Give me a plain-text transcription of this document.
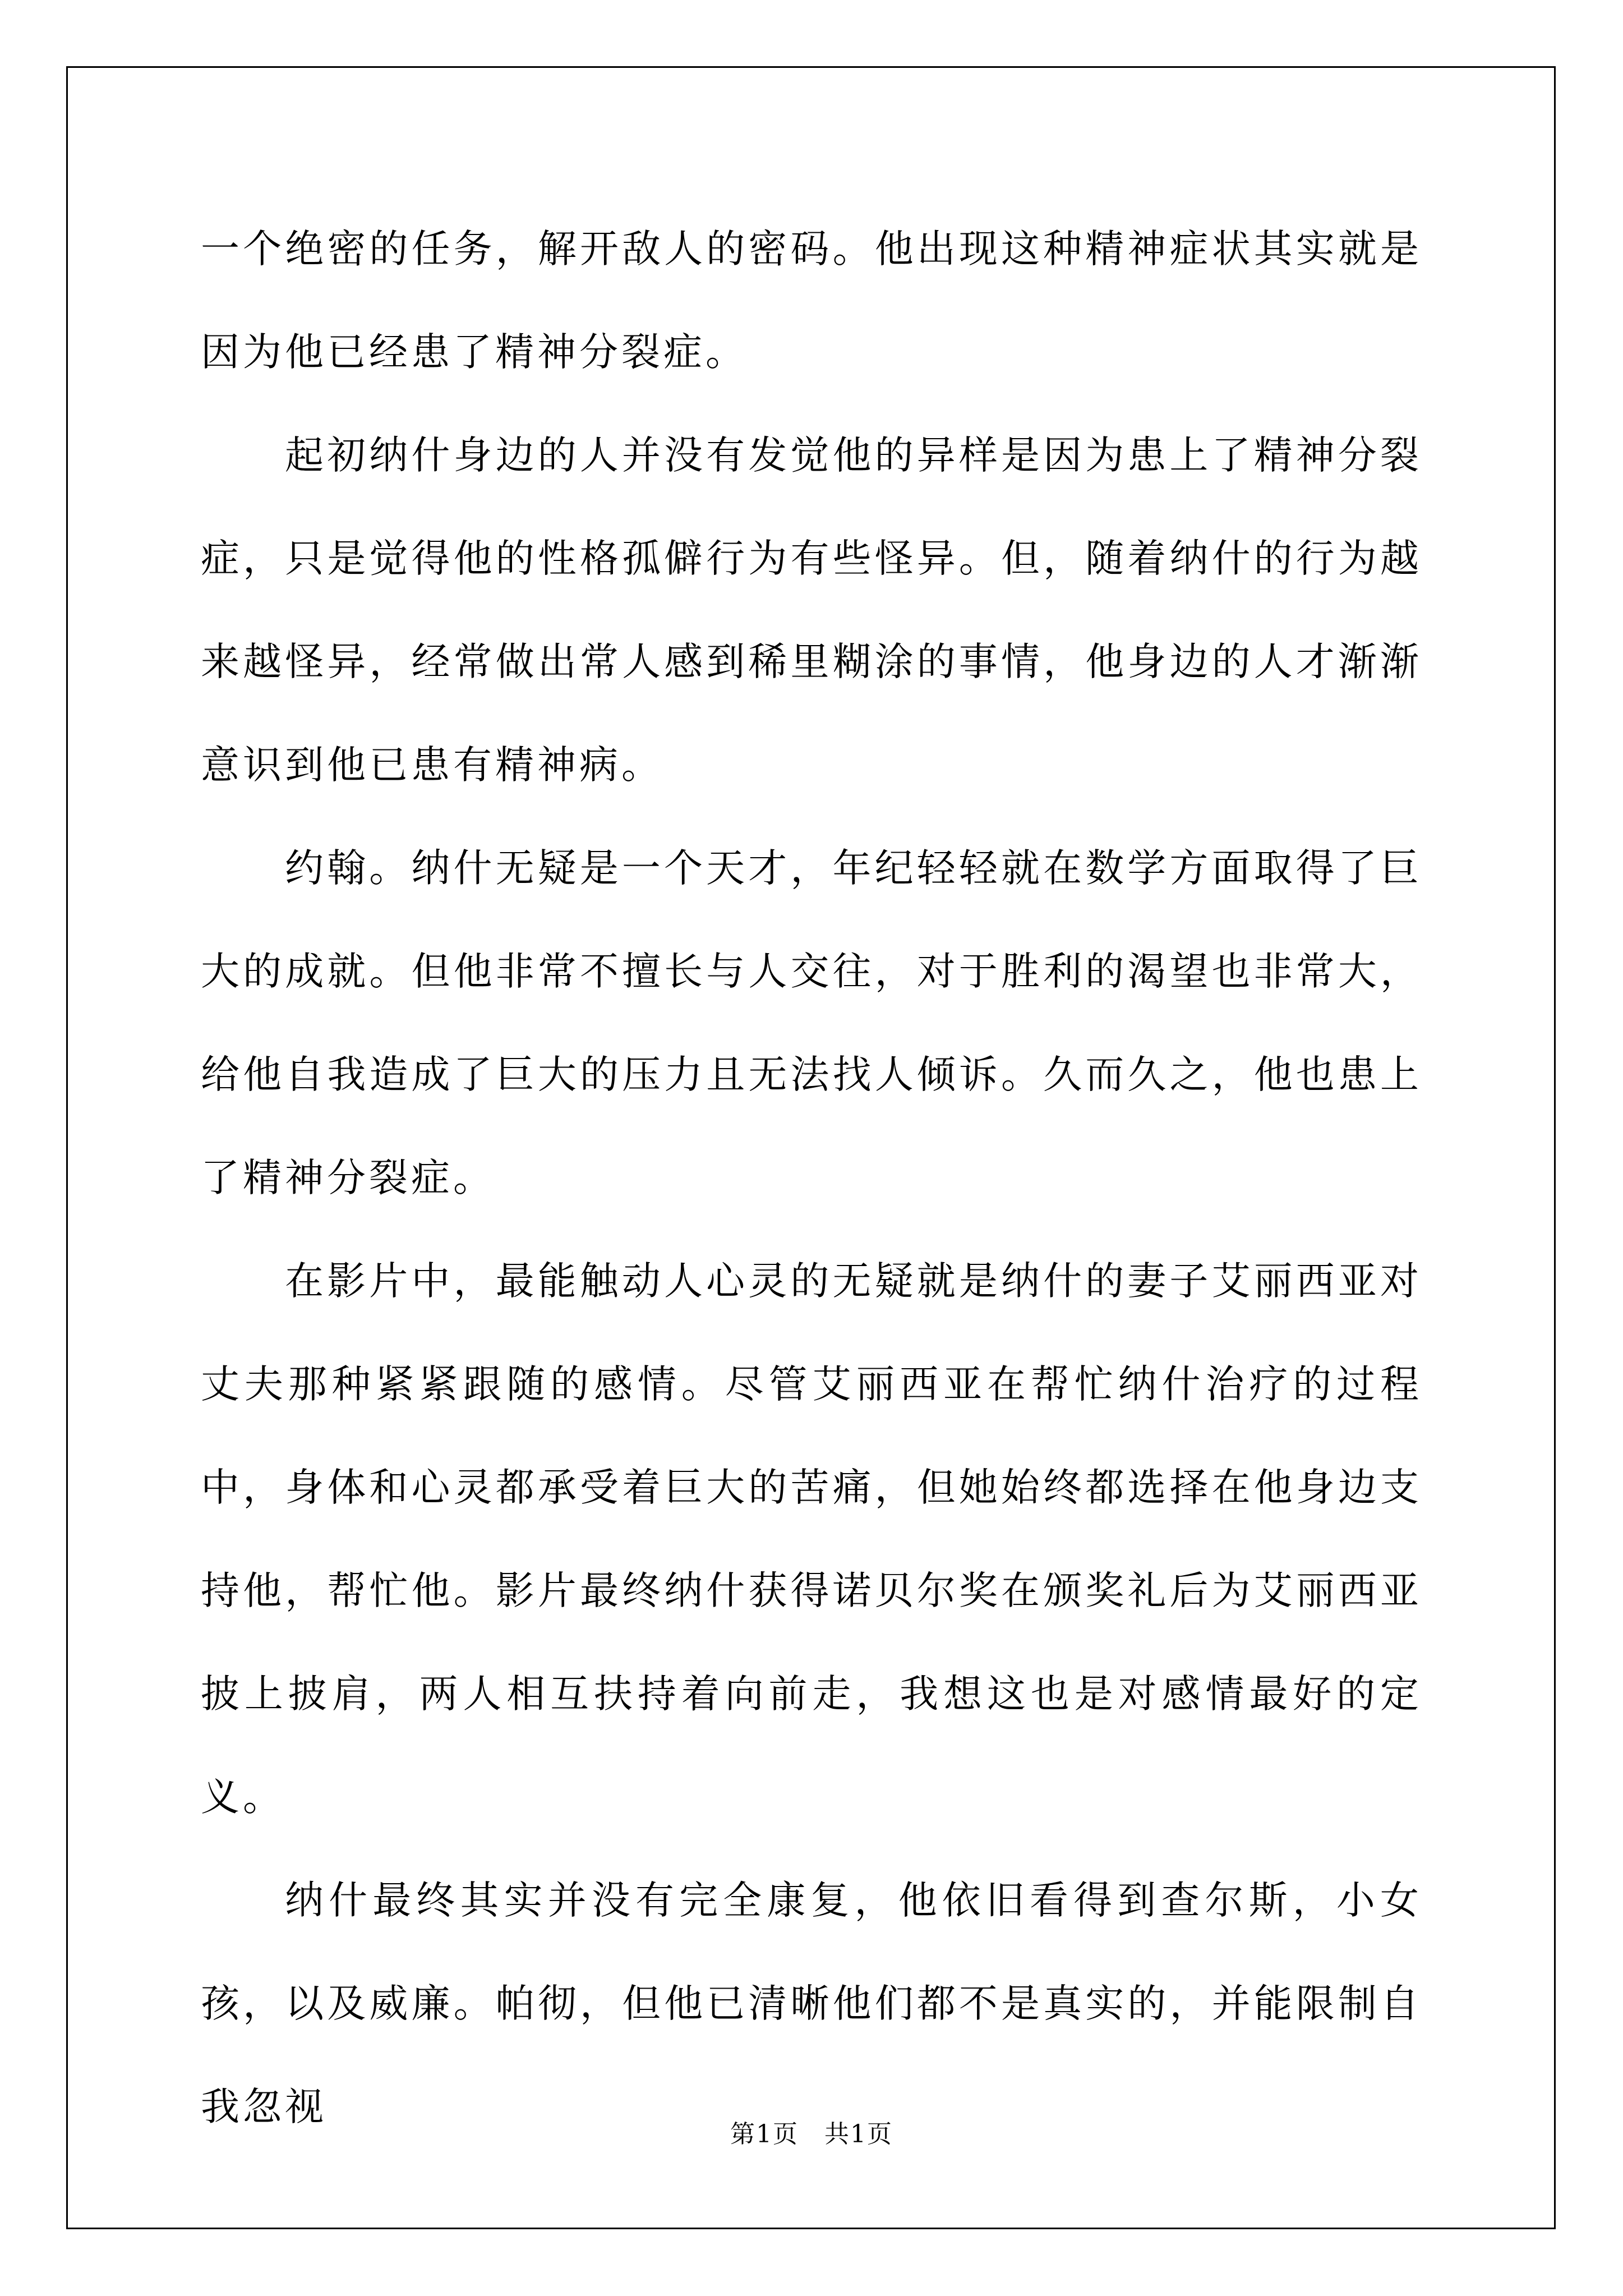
一个绝密的任务，解开敌人的密码。他出现这种精神症状其实就是因为他已经患了精神分裂症。

起初纳什身边的人并没有发觉他的异样是因为患上了精神分裂症，只是觉得他的性格孤僻行为有些怪异。但，随着纳什的行为越来越怪异，经常做出常人感到稀里糊涂的事情，他身边的人才渐渐意识到他已患有精神病。

约翰。纳什无疑是一个天才，年纪轻轻就在数学方面取得了巨大的成就。但他非常不擅长与人交往，对于胜利的渴望也非常大，给他自我造成了巨大的压力且无法找人倾诉。久而久之，他也患上了精神分裂症。

在影片中，最能触动人心灵的无疑就是纳什的妻子艾丽西亚对丈夫那种紧紧跟随的感情。尽管艾丽西亚在帮忙纳什治疗的过程中，身体和心灵都承受着巨大的苦痛，但她始终都选择在他身边支持他，帮忙他。影片最终纳什获得诺贝尔奖在颁奖礼后为艾丽西亚披上披肩，两人相互扶持着向前走，我想这也是对感情最好的定义。

纳什最终其实并没有完全康复，他依旧看得到查尔斯，小女孩，以及威廉。帕彻，但他已清晰他们都不是真实的，并能限制自我忽视

第1页　共1页
